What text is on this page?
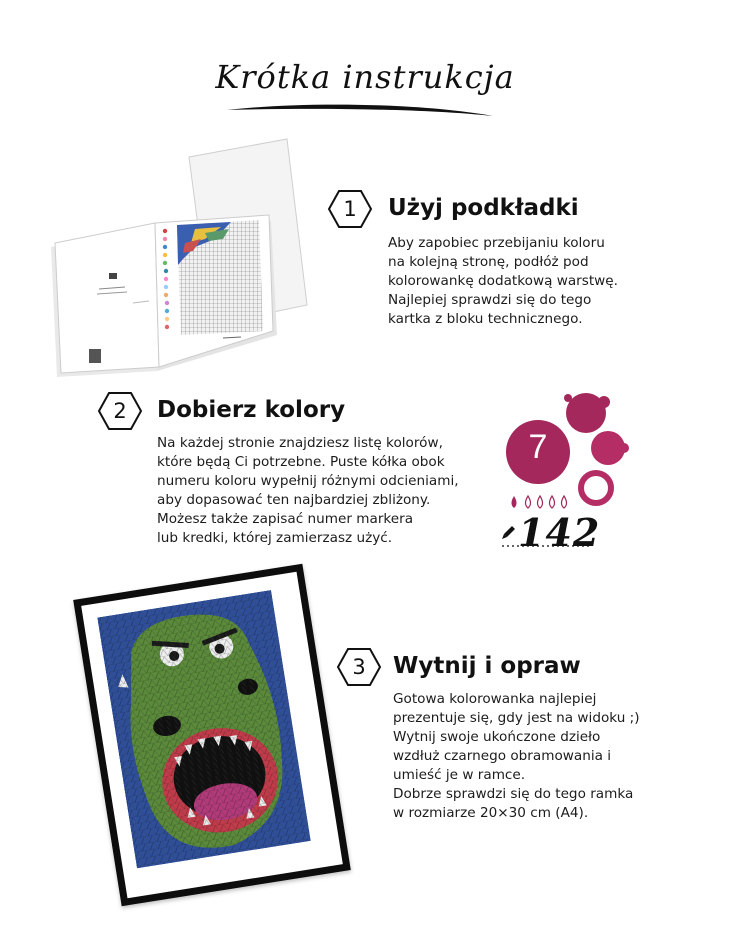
Krótka instrukcja
1	Użyj podkładki
Aby zapobiec przebijaniu koloru
na kolejną stronę, podłóż pod
kolorowankę dodatkową warstwę.
Najlepiej sprawdzi się do tego
kartka z bloku technicznego.
2	Dobierz kolory
Na każdej stronie znajdziesz listę kolorów,
które będą Ci potrzebne. Puste kółka obok
numeru koloru wypełnij różnymi odcieniami,
aby dopasować ten najbardziej zbliżony.
Możesz także zapisać numer markera
lub kredki, której zamierzasz użyć.
7
142
3	Wytnij i opraw
Gotowa kolorowanka najlepiej
prezentuje się, gdy jest na widoku ;)
Wytnij swoje ukończone dzieło
wzdłuż czarnego obramowania i
umieść je w ramce.
Dobrze sprawdzi się do tego ramka
w rozmiarze 20×30 cm (A4).
